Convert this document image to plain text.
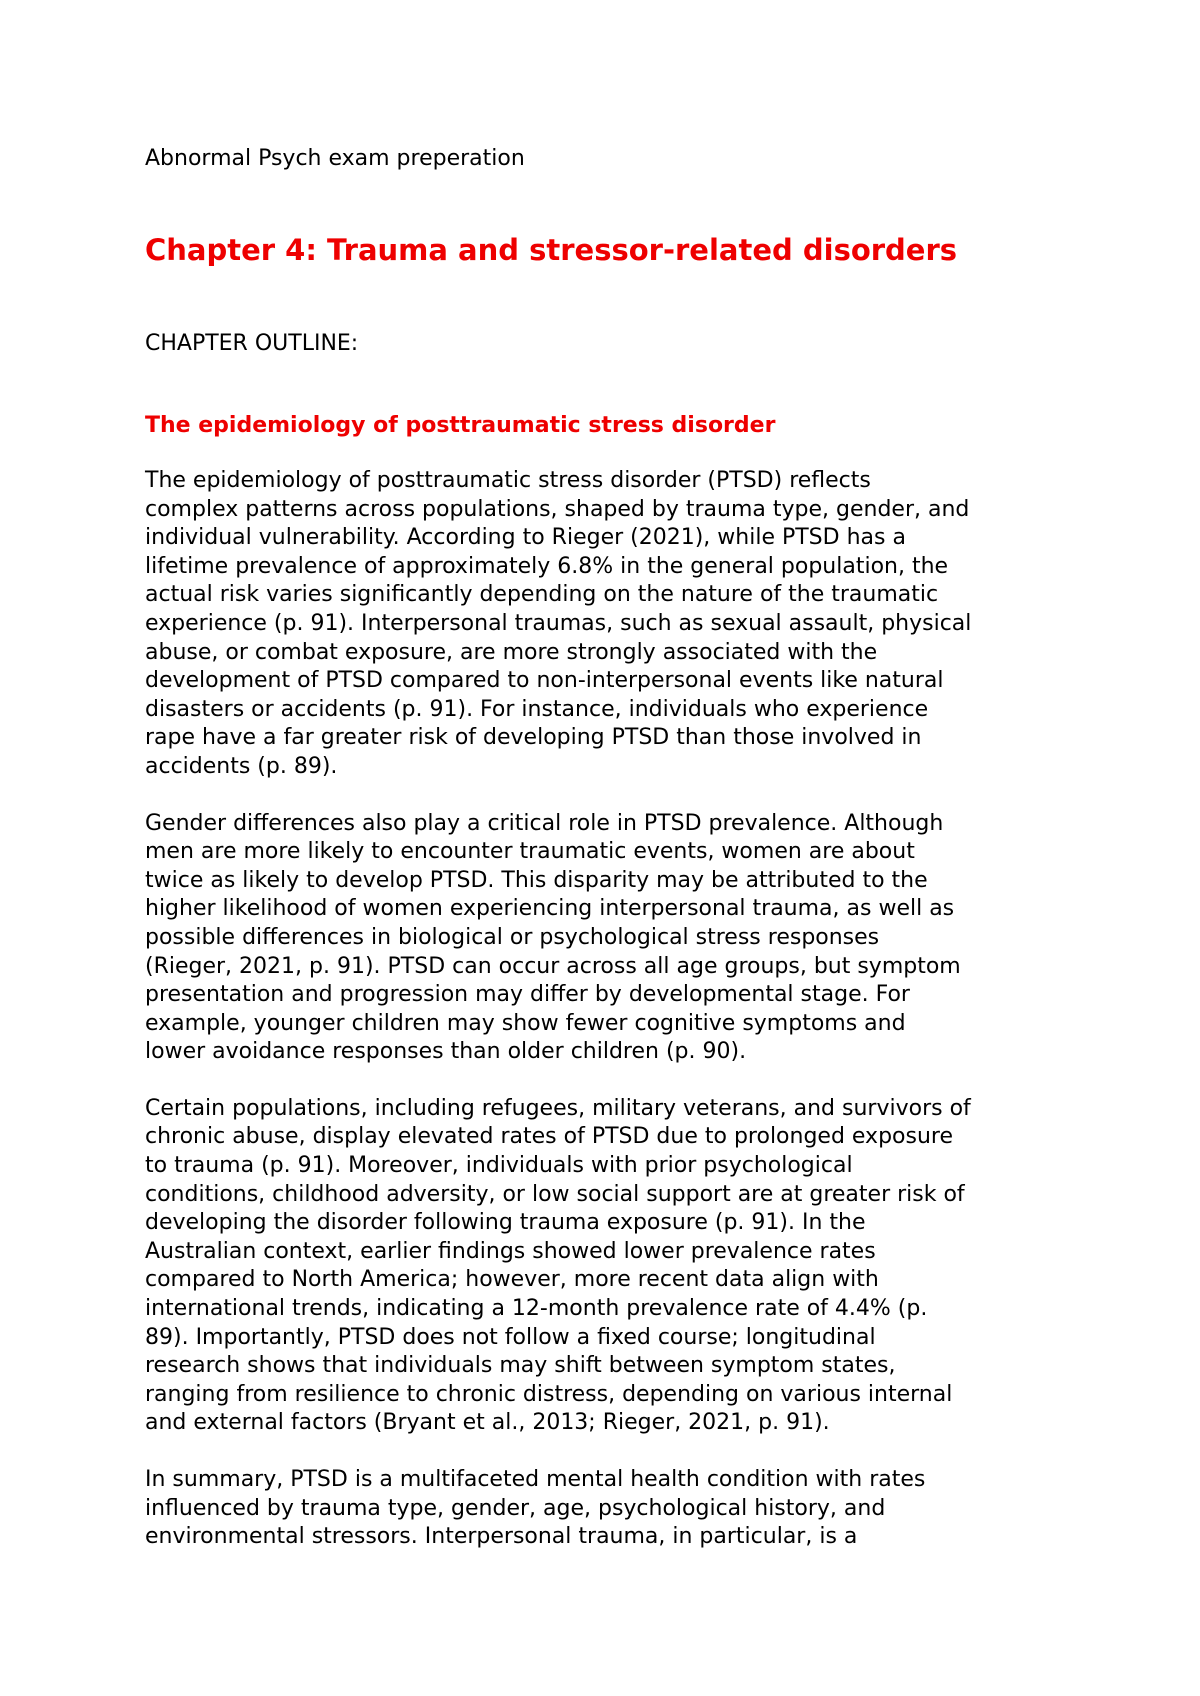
Abnormal Psych exam preperation
Chapter 4: Trauma and stressor-related disorders
CHAPTER OUTLINE:
The epidemiology of posttraumatic stress disorder

The epidemiology of posttraumatic stress disorder (PTSD) reflects
complex patterns across populations, shaped by trauma type, gender, and
individual vulnerability. According to Rieger (2021), while PTSD has a
lifetime prevalence of approximately 6.8% in the general population, the
actual risk varies significantly depending on the nature of the traumatic
experience (p. 91). Interpersonal traumas, such as sexual assault, physical
abuse, or combat exposure, are more strongly associated with the
development of PTSD compared to non-interpersonal events like natural
disasters or accidents (p. 91). For instance, individuals who experience
rape have a far greater risk of developing PTSD than those involved in
accidents (p. 89).

Gender differences also play a critical role in PTSD prevalence. Although
men are more likely to encounter traumatic events, women are about
twice as likely to develop PTSD. This disparity may be attributed to the
higher likelihood of women experiencing interpersonal trauma, as well as
possible differences in biological or psychological stress responses
(Rieger, 2021, p. 91). PTSD can occur across all age groups, but symptom
presentation and progression may differ by developmental stage. For
example, younger children may show fewer cognitive symptoms and
lower avoidance responses than older children (p. 90).

Certain populations, including refugees, military veterans, and survivors of
chronic abuse, display elevated rates of PTSD due to prolonged exposure
to trauma (p. 91). Moreover, individuals with prior psychological
conditions, childhood adversity, or low social support are at greater risk of
developing the disorder following trauma exposure (p. 91). In the
Australian context, earlier findings showed lower prevalence rates
compared to North America; however, more recent data align with
international trends, indicating a 12-month prevalence rate of 4.4% (p.
89). Importantly, PTSD does not follow a fixed course; longitudinal
research shows that individuals may shift between symptom states,
ranging from resilience to chronic distress, depending on various internal
and external factors (Bryant et al., 2013; Rieger, 2021, p. 91).

In summary, PTSD is a multifaceted mental health condition with rates
influenced by trauma type, gender, age, psychological history, and
environmental stressors. Interpersonal trauma, in particular, is a
